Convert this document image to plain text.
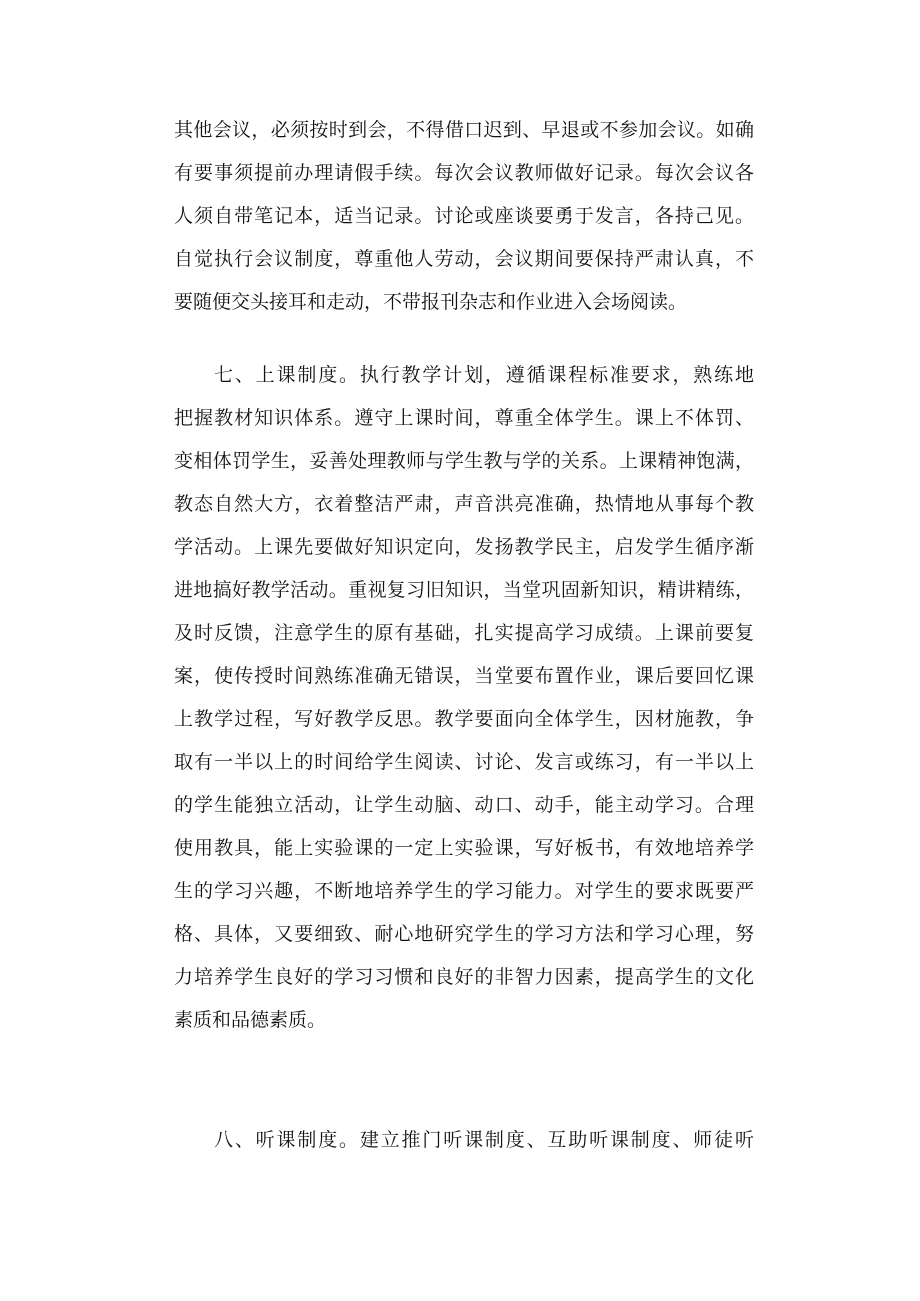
其他会议，必须按时到会，不得借口迟到、早退或不参加会议。如确
有要事须提前办理请假手续。每次会议教师做好记录。每次会议各
人须自带笔记本，适当记录。讨论或座谈要勇于发言，各持己见。
自觉执行会议制度，尊重他人劳动，会议期间要保持严肃认真，不
要随便交头接耳和走动，不带报刊杂志和作业进入会场阅读。
七、上课制度。执行教学计划，遵循课程标准要求，熟练地
把握教材知识体系。遵守上课时间，尊重全体学生。课上不体罚、
变相体罚学生，妥善处理教师与学生教与学的关系。上课精神饱满，
教态自然大方，衣着整洁严肃，声音洪亮准确，热情地从事每个教
学活动。上课先要做好知识定向，发扬教学民主，启发学生循序渐
进地搞好教学活动。重视复习旧知识，当堂巩固新知识，精讲精练，
及时反馈，注意学生的原有基础，扎实提高学习成绩。上课前要复
案，使传授时间熟练准确无错误，当堂要布置作业，课后要回忆课
上教学过程，写好教学反思。教学要面向全体学生，因材施教，争
取有一半以上的时间给学生阅读、讨论、发言或练习，有一半以上
的学生能独立活动，让学生动脑、动口、动手，能主动学习。合理
使用教具，能上实验课的一定上实验课，写好板书，有效地培养学
生的学习兴趣，不断地培养学生的学习能力。对学生的要求既要严
格、具体，又要细致、耐心地研究学生的学习方法和学习心理，努
力培养学生良好的学习习惯和良好的非智力因素，提高学生的文化
素质和品德素质。
八、听课制度。建立推门听课制度、互助听课制度、师徒听
